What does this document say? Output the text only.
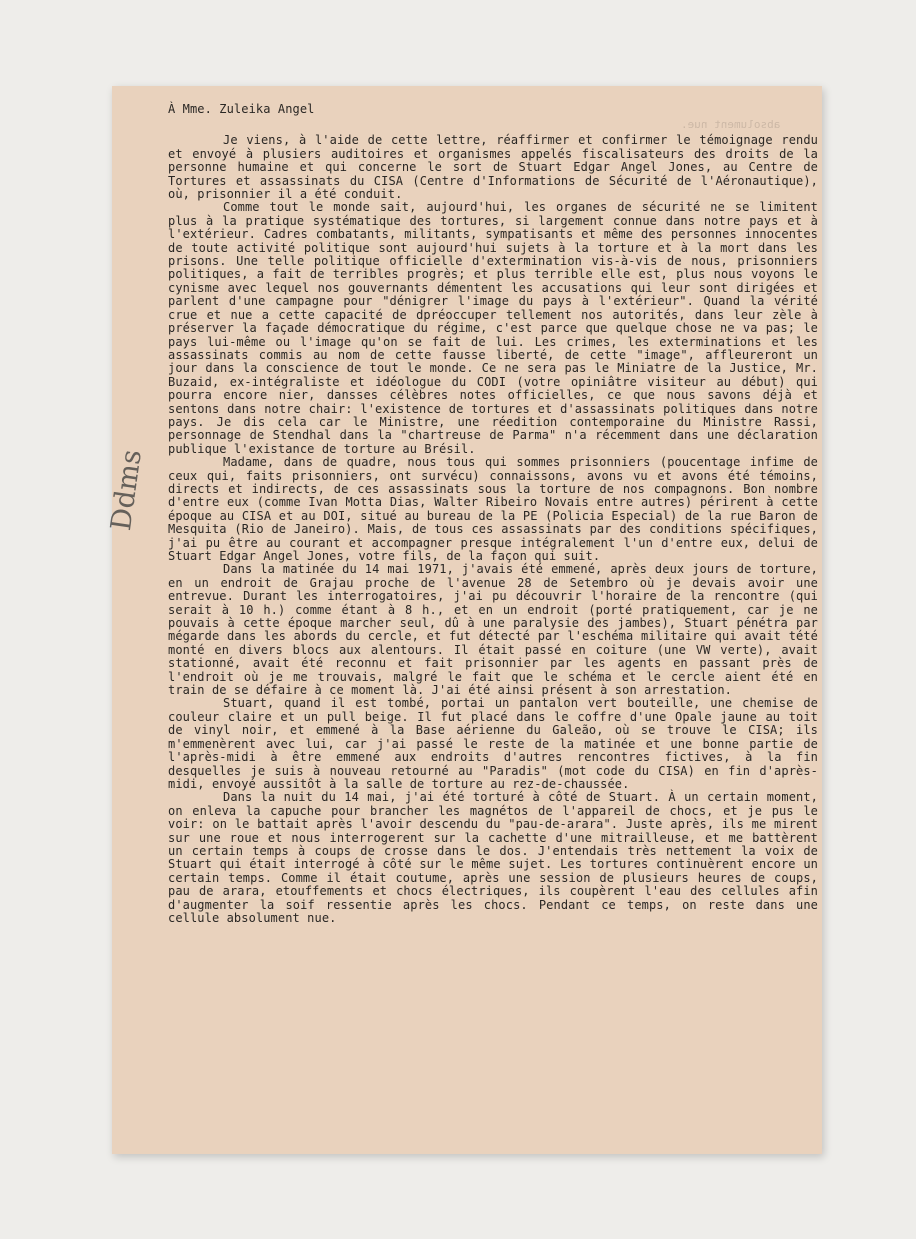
absolument nue.

À Mme. Zuleika Angel

Je viens, à l'aide de cette lettre, réaffirmer et confirmer le témoignage rendu et envoyé à plusiers auditoires et organismes appelés fiscalisateurs des droits de la personne humaine et qui concerne le sort de Stuart Edgar Angel Jones, au Centre de Tortures et assassinats du CISA (Centre d'Informations de Sécurité de l'Aéronautique), où, prisonnier il a été conduit.

Comme tout le monde sait, aujourd'hui, les organes de sécurité ne se limitent plus à la pratique systématique des tortures, si largement connue dans notre pays et à l'extérieur. Cadres combatants, militants, sympatisants et même des personnes innocentes de toute activité politique sont aujourd'hui sujets à la torture et à la mort dans les prisons. Une telle politique officielle d'extermination vis-à-vis de nous, prisonniers politiques, a fait de terribles progrès; et plus terrible elle est, plus nous voyons le cynisme avec lequel nos gouvernants démentent les accusations qui leur sont dirigées et parlent d'une campagne pour "dénigrer l'image du pays à l'extérieur". Quand la vérité crue et nue a cette capacité de dpréoccuper tellement nos autorités, dans leur zèle à préserver la façade démocratique du régime, c'est parce que quelque chose ne va pas; le pays lui-même ou l'image qu'on se fait de lui. Les crimes, les exterminations et les assassinats commis au nom de cette fausse liberté, de cette "image", affleureront un jour dans la conscience de tout le monde. Ce ne sera pas le Miniatre de la Justice, Mr. Buzaid, ex-intégraliste et idéologue du CODI (votre opiniâtre visiteur au début) qui pourra encore nier, dansses célèbres notes officielles, ce que nous savons déjà et sentons dans notre chair: l'existence de tortures et d'assassinats politiques dans notre pays. Je dis cela car le Ministre, une réedition contemporaine du Ministre Rassi, personnage de Stendhal dans la "chartreuse de Parma" n'a récemment dans une déclaration publique l'existance de torture au Brésil.

Madame, dans de quadre, nous tous qui sommes prisonniers (poucentage infime de ceux qui, faits prisonniers, ont survécu) connaissons, avons vu et avons été témoins, directs et indirects, de ces assassinats sous la torture de nos compagnons. Bon nombre d'entre eux (comme Ivan Motta Dias, Walter Ribeiro Novais entre autres) périrent à cette époque au CISA et au DOI, situé au bureau de la PE (Policia Especial) de la rue Baron de Mesquita (Rio de Janeiro). Mais, de tous ces assassinats par des conditions spécifiques, j'ai pu être au courant et accompagner presque intégralement l'un d'entre eux, delui de Stuart Edgar Angel Jones, votre fils, de la façon qui suit.

Dans la matinée du 14 mai 1971, j'avais été emmené, après deux jours de torture, en un endroit de Grajau proche de l'avenue 28 de Setembro où je devais avoir une entrevue. Durant les interrogatoires, j'ai pu découvrir l'horaire de la rencontre (qui serait à 10 h.) comme étant à 8 h., et en un endroit (porté pratiquement, car je ne pouvais à cette époque marcher seul, dû à une paralysie des jambes), Stuart pénétra par mégarde dans les abords du cercle, et fut détecté par l'eschéma militaire qui avait tété monté en divers blocs aux alentours. Il était passé en coiture (une VW verte), avait stationné, avait été reconnu et fait prisonnier par les agents en passant près de l'endroit où je me trouvais, malgré le fait que le schéma et le cercle aient été en train de se défaire à ce moment là. J'ai été ainsi présent à son arrestation.

Stuart, quand il est tombé, portai un pantalon vert bouteille, une chemise de couleur claire et un pull beige. Il fut placé dans le coffre d'une Opale jaune au toit de vinyl noir, et emmené à la Base aérienne du Galeão, où se trouve le CISA; ils m'emmenèrent avec lui, car j'ai passé le reste de la matinée et une bonne partie de l'après-midi à être emmené aux endroits d'autres rencontres fictives, à la fin desquelles je suis à nouveau retourné au "Paradis" (mot code du CISA) en fin d'après-midi, envoyé aussitôt à la salle de torture au rez-de-chaussée.

Dans la nuit du 14 mai, j'ai été torturé à côté de Stuart. À un certain moment, on enleva la capuche pour brancher les magnétos de l'appareil de chocs, et je pus le voir: on le battait après l'avoir descendu du "pau-de-arara". Juste après, ils me mirent sur une roue et nous interrogerent sur la cachette d'une mitrailleuse, et me battèrent un certain temps à coups de crosse dans le dos. J'entendais très nettement la voix de Stuart qui était interrogé à côté sur le même sujet. Les tortures continuèrent encore un certain temps. Comme il était coutume, après une session de plusieurs heures de coups, pau de arara, etouffements et chocs électriques, ils coupèrent l'eau des cellules afin d'augmenter la soif ressentie après les chocs. Pendant ce temps, on reste dans une cellule absolument nue.

Ddms
